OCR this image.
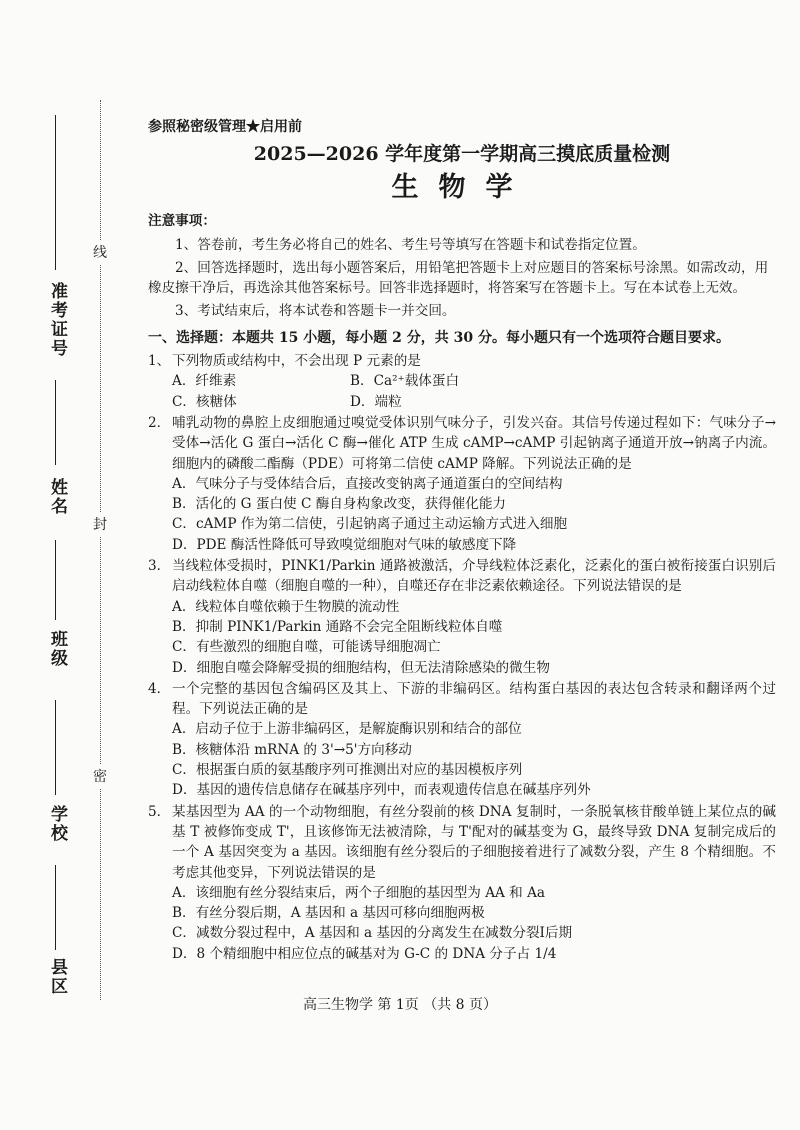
线
封
密
准考证号
姓名
班级
学校
县区
参照秘密级管理★启用前
2025—2026 学年度第一学期高三摸底质量检测
生物学
注意事项：
1、答卷前，考生务必将自己的姓名、考生号等填写在答题卡和试卷指定位置。
2、回答选择题时，选出每小题答案后，用铅笔把答题卡上对应题目的答案标号涂黑。如需改动，用橡皮擦干净后，再选涂其他答案标号。回答非选择题时，将答案写在答题卡上。写在本试卷上无效。
3、考试结束后，将本试卷和答题卡一并交回。
一、选择题：本题共 15 小题，每小题 2 分，共 30 分。每小题只有一个选项符合题目要求。
1、 下列物质或结构中，不会出现 P 元素的是
A．纤维素	B．Ca²⁺载体蛋白
C．核糖体	D．端粒
2． 哺乳动物的鼻腔上皮细胞通过嗅觉受体识别气味分子，引发兴奋。其信号传递过程如下：气味分子→受体→活化 G 蛋白→活化 C 酶→催化 ATP 生成 cAMP→cAMP 引起钠离子通道开放→钠离子内流。细胞内的磷酸二酯酶（PDE）可将第二信使 cAMP 降解。下列说法正确的是
A．气味分子与受体结合后，直接改变钠离子通道蛋白的空间结构
B．活化的 G 蛋白使 C 酶自身构象改变，获得催化能力
C．cAMP 作为第二信使，引起钠离子通过主动运输方式进入细胞
D．PDE 酶活性降低可导致嗅觉细胞对气味的敏感度下降
3． 当线粒体受损时，PINK1/Parkin 通路被激活，介导线粒体泛素化，泛素化的蛋白被衔接蛋白识别后启动线粒体自噬（细胞自噬的一种），自噬还存在非泛素依赖途径。下列说法错误的是
A．线粒体自噬依赖于生物膜的流动性
B．抑制 PINK1/Parkin 通路不会完全阻断线粒体自噬
C．有些激烈的细胞自噬，可能诱导细胞凋亡
D．细胞自噬会降解受损的细胞结构，但无法清除感染的微生物
4． 一个完整的基因包含编码区及其上、下游的非编码区。结构蛋白基因的表达包含转录和翻译两个过程。下列说法正确的是
A．启动子位于上游非编码区，是解旋酶识别和结合的部位
B．核糖体沿 mRNA 的 3'→5'方向移动
C．根据蛋白质的氨基酸序列可推测出对应的基因模板序列
D．基因的遗传信息储存在碱基序列中，而表观遗传信息在碱基序列外
5． 某基因型为 AA 的一个动物细胞，有丝分裂前的核 DNA 复制时，一条脱氧核苷酸单链上某位点的碱基 T 被修饰变成 T'，且该修饰无法被清除，与 T'配对的碱基变为 G，最终导致 DNA 复制完成后的一个 A 基因突变为 a 基因。该细胞有丝分裂后的子细胞接着进行了减数分裂，产生 8 个精细胞。不考虑其他变异，下列说法错误的是
A．该细胞有丝分裂结束后，两个子细胞的基因型为 AA 和 Aa
B．有丝分裂后期，A 基因和 a 基因可移向细胞两极
C．减数分裂过程中，A 基因和 a 基因的分离发生在减数分裂Ⅰ后期
D．8 个精细胞中相应位点的碱基对为 G-C 的 DNA 分子占 1/4
高三生物学 第 1页 （共 8 页）
